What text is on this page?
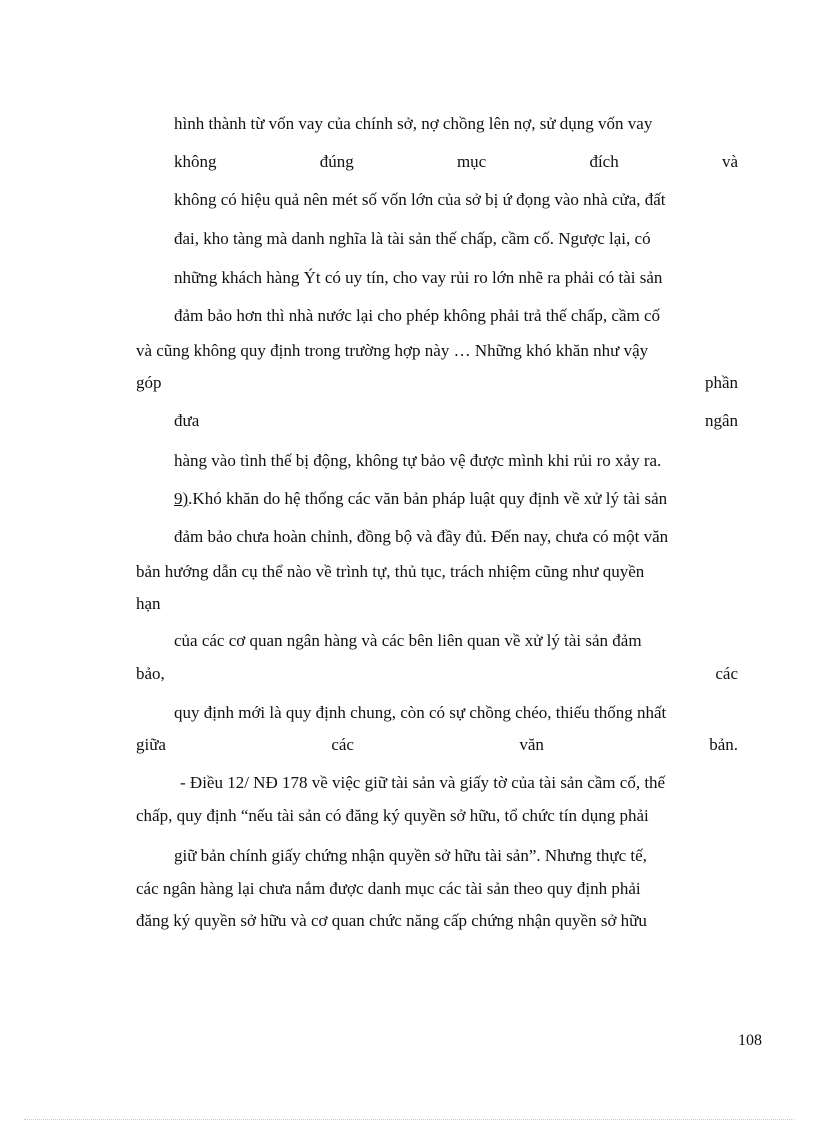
hình thành từ vốn vay của chính sở, nợ chồng lên nợ, sử dụng vốn vay
không	đúng	mục	đích	và
không có hiệu quả nên mét số vốn lớn của sở bị ứ đọng vào nhà cửa, đất
đai, kho tàng mà danh nghĩa là tài sản thế chấp, cầm cố. Ngược lại, có
những khách hàng Ýt có uy tín, cho vay rủi ro lớn nhẽ ra phải có tài sản
đảm bảo hơn thì nhà nước lại cho phép không phải trả thế chấp, cầm cố
và cũng không quy định trong trường hợp này … Những khó khăn như vậy
góp	phần
đưa	ngân
hàng vào tình thế bị động, không tự bảo vệ được mình khi rủi ro xảy ra.
9).Khó khăn do hệ thống các văn bản pháp luật quy định về xử lý tài sản
đảm bảo chưa hoàn chỉnh, đồng bộ và đầy đủ. Đến nay, chưa có một văn
bản hướng dẫn cụ thể nào về trình tự, thủ tục, trách nhiệm cũng như quyền
hạn
của các cơ quan ngân hàng và các bên liên quan về xử lý tài sản đảm
bảo,	các
quy định mới là quy định chung, còn có sự chồng chéo, thiếu thống nhất
giữa	các	văn	bản.
- Điều 12/ NĐ 178 về việc giữ tài sản và giấy tờ của tài sản cầm cố, thế
chấp, quy định “nếu tài sản có đăng ký quyền sở hữu, tổ chức tín dụng phải
giữ bản chính giấy chứng nhận quyền sở hữu tài sản”. Nhưng thực tế,
các ngân hàng lại chưa nắm được danh mục các tài sản theo quy định phải
đăng ký quyền sở hữu và cơ quan chức năng cấp chứng nhận quyền sở hữu
108
